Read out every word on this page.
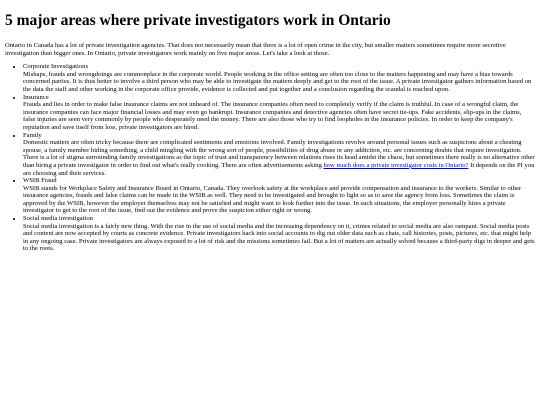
5 major areas where private investigators work in Ontario

Ontario in Canada has a lot of private investigation agencies. That does not necessarily mean that there is a lot of open crime in the city, but smaller matters sometimes require more secretive investigation than bigger ones. In Ontario, private investigators work mainly on five major areas. Let's take a look at those.

• Corporate Investigations
Mishaps, frauds and wrongdoings are commonplace in the corporate world. People working in the office setting are often too close to the matters happening and may have a bias towards concerned parties. It is thus better to involve a third person who may be able to investigate the matters deeply and get to the root of the issue. A private investigator gathers information based on the data the staff and other working in the corporate office provide, evidence is collected and put together and a conclusion regarding the scandal is reached upon.
• Insurance
Frauds and lies in order to make false insurance claims are not unheard of. The insurance companies often need to completely verify if the claim is truthful. In case of a wrongful claim, the insurance companies can face major financial losses and may even go bankrupt. Insurance companies and detective agencies often have secret tie-ups. Fake accidents, slip-ups in the claims, false injuries are seen very commonly by people who desperately need the money. There are also those who try to find loopholes in the insurance policies. In order to keep the company's reputation and save itself from loss, private investigators are hired.
• Family
Domestic matters are often tricky because there are complicated sentiments and emotions involved. Family investigations revolve around personal issues such as suspicions about a cheating spouse, a family member hiding something, a child mingling with the wrong sort of people, possibilities of drug abuse or any addiction, etc. are concerning doubts that require investigation. There is a lot of stigma surrounding family investigations as the topic of trust and transparency between relations rises its head amidst the chaos, but sometimes there really is no alternative other than hiring a private investigator in order to find out what's really cooking. There are often advertisements asking how much does a private investigator costs in Ontario? It depends on the PI you are choosing and their services.
• WSIB Fraud
WSIB stands for Workplace Safety and Insurance Board in Ontario, Canada. They overlook safety at the workplace and provide compensation and insurance to the workers. Similar to other insurance agencies, frauds and false claims can be made in the WSIB as well. They need to be investigated and brought to light so as to save the agency from loss. Sometimes the claim is approved by the WSIB, however the employer themselves may not be satisfied and might want to look further into the issue. In such situations, the employer personally hires a private investigator to get to the root of the issue, find out the evidence and prove the suspicion either right or wrong.
• Social media investigation
Social media investigation is a fairly new thing. With the rise in the use of social media and the increasing dependency on it, crimes related to social media are also rampant. Social media posts and content are now accepted by courts as concrete evidence. Private investigators hack into social accounts to dig out older data such as chats, call histories, posts, pictures, etc. that might help in any ongoing case. Private investigators are always exposed to a lot of risk and the missions sometimes fail. But a lot of matters are actually solved because a third-party digs in deeper and gets to the roots.
